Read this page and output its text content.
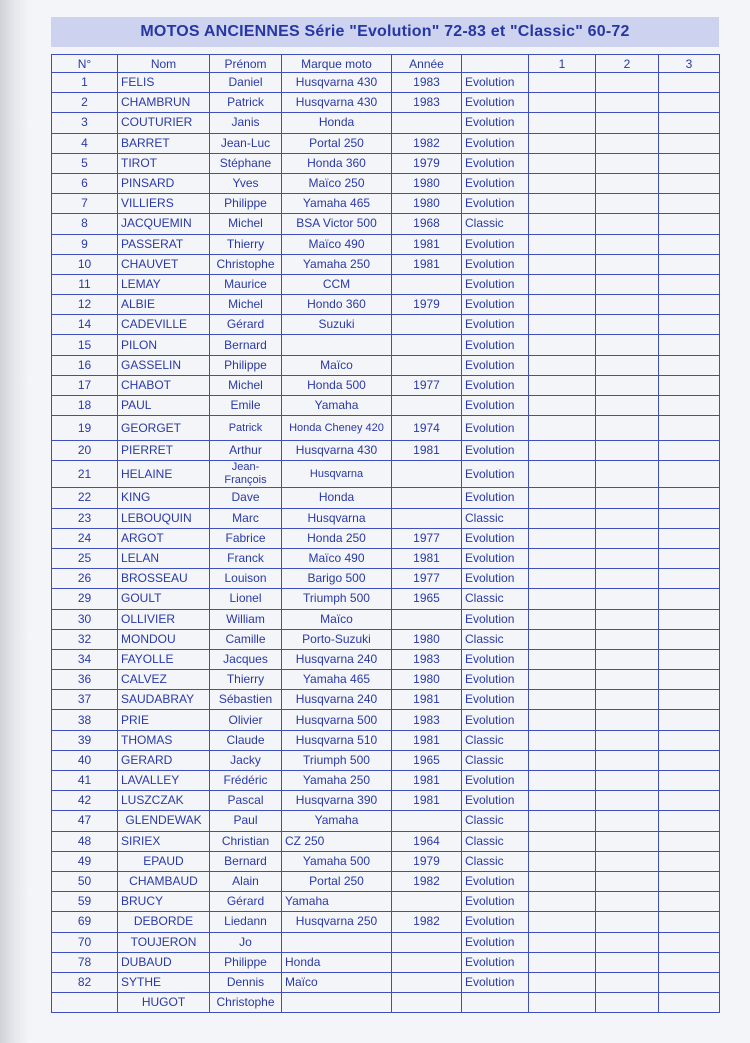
MOTOS ANCIENNES Série "Evolution" 72-83 et "Classic" 60-72
N°	Nom	Prénom	Marque moto	Année		1	2	3
1	FELIS	Daniel	Husqvarna 430	1983	Evolution			
2	CHAMBRUN	Patrick	Husqvarna 430	1983	Evolution			
3	COUTURIER	Janis	Honda		Evolution			
4	BARRET	Jean-Luc	Portal 250	1982	Evolution			
5	TIROT	Stéphane	Honda 360	1979	Evolution			
6	PINSARD	Yves	Maïco 250	1980	Evolution			
7	VILLIERS	Philippe	Yamaha 465	1980	Evolution			
8	JACQUEMIN	Michel	BSA Victor 500	1968	Classic			
9	PASSERAT	Thierry	Maïco 490	1981	Evolution			
10	CHAUVET	Christophe	Yamaha 250	1981	Evolution			
11	LEMAY	Maurice	CCM		Evolution			
12	ALBIE	Michel	Hondo 360	1979	Evolution			
14	CADEVILLE	Gérard	Suzuki		Evolution			
15	PILON	Bernard			Evolution			
16	GASSELIN	Philippe	Maïco		Evolution			
17	CHABOT	Michel	Honda 500	1977	Evolution			
18	PAUL	Emile	Yamaha		Evolution			
19	GEORGET	Patrick	Honda Cheney 420	1974	Evolution			
20	PIERRET	Arthur	Husqvarna 430	1981	Evolution			
21	HELAINE	Jean-François	Husqvarna		Evolution			
22	KING	Dave	Honda		Evolution			
23	LEBOUQUIN	Marc	Husqvarna		Classic			
24	ARGOT	Fabrice	Honda 250	1977	Evolution			
25	LELAN	Franck	Maïco 490	1981	Evolution			
26	BROSSEAU	Louison	Barigo 500	1977	Evolution			
29	GOULT	Lionel	Triumph 500	1965	Classic			
30	OLLIVIER	William	Maïco		Evolution			
32	MONDOU	Camille	Porto-Suzuki	1980	Classic			
34	FAYOLLE	Jacques	Husqvarna 240	1983	Evolution			
36	CALVEZ	Thierry	Yamaha 465	1980	Evolution			
37	SAUDABRAY	Sébastien	Husqvarna 240	1981	Evolution			
38	PRIE	Olivier	Husqvarna 500	1983	Evolution			
39	THOMAS	Claude	Husqvarna 510	1981	Classic			
40	GERARD	Jacky	Triumph 500	1965	Classic			
41	LAVALLEY	Frédéric	Yamaha 250	1981	Evolution			
42	LUSZCZAK	Pascal	Husqvarna 390	1981	Evolution			
47	GLENDEWAK	Paul	Yamaha		Classic			
48	SIRIEX	Christian	CZ 250	1964	Classic			
49	EPAUD	Bernard	Yamaha 500	1979	Classic			
50	CHAMBAUD	Alain	Portal 250	1982	Evolution			
59	BRUCY	Gérard	Yamaha		Evolution			
69	DEBORDE	Liedann	Husqvarna 250	1982	Evolution			
70	TOUJERON	Jo			Evolution			
78	DUBAUD	Philippe	Honda		Evolution			
82	SYTHE	Dennis	Maïco		Evolution			
	HUGOT	Christophe						
